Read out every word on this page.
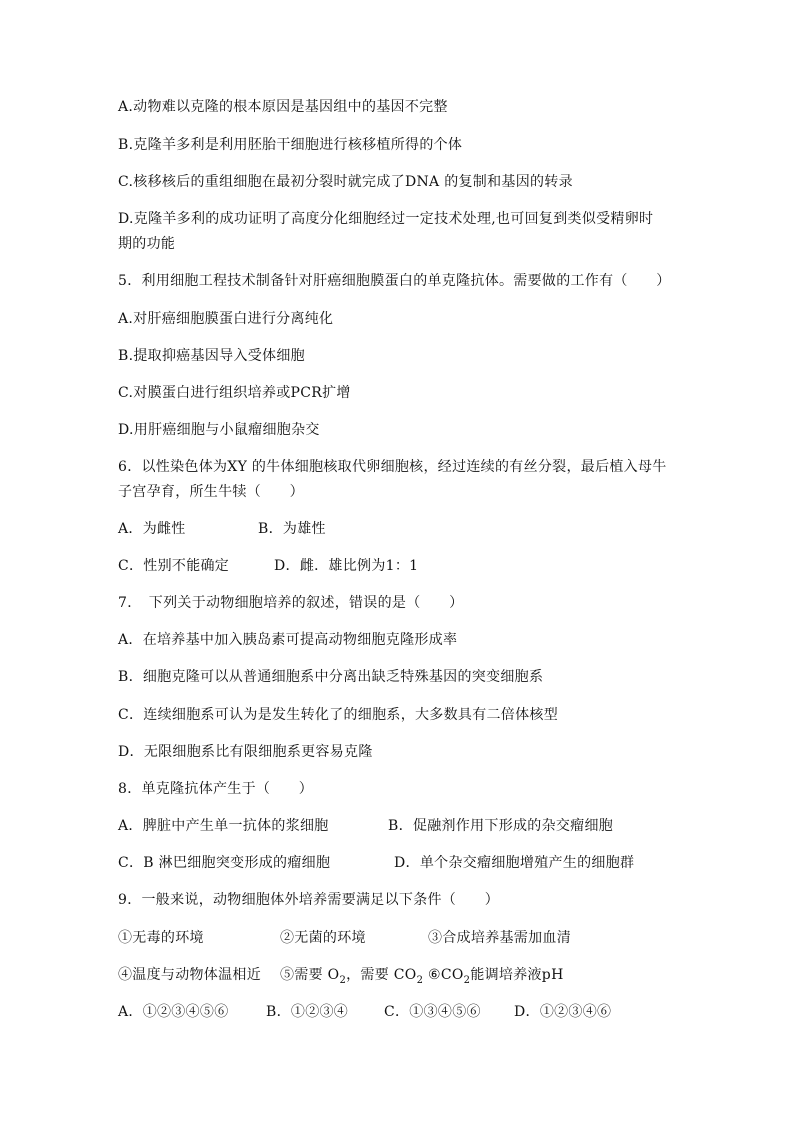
A.动物难以克隆的根本原因是基因组中的基因不完整
B.克隆羊多利是利用胚胎干细胞进行核移植所得的个体
C.核移核后的重组细胞在最初分裂时就完成了DNA 的复制和基因的转录
D.克隆羊多利的成功证明了高度分化细胞经过一定技术处理,也可回复到类似受精卵时
期的功能
5．利用细胞工程技术制备针对肝癌细胞膜蛋白的单克隆抗体。需要做的工作有（　　）
A.对肝癌细胞膜蛋白进行分离纯化
B.提取抑癌基因导入受体细胞
C.对膜蛋白进行组织培养或PCR扩增
D.用肝癌细胞与小鼠瘤细胞杂交
6．以性染色体为XY 的牛体细胞核取代卵细胞核，经过连续的有丝分裂，最后植入母牛
子宫孕育，所生牛犊（　　）
A．为雌性	B．为雄性
C．性别不能确定	D．雌．雄比例为1：1
7．　下列关于动物细胞培养的叙述，错误的是（　　）
A．在培养基中加入胰岛素可提高动物细胞克隆形成率
B．细胞克隆可以从普通细胞系中分离出缺乏特殊基因的突变细胞系
C．连续细胞系可认为是发生转化了的细胞系，大多数具有二倍体核型
D．无限细胞系比有限细胞系更容易克隆
8．单克隆抗体产生于（　　）
A．脾脏中产生单一抗体的浆细胞	B．促融剂作用下形成的杂交瘤细胞
C．B 淋巴细胞突变形成的瘤细胞	D．单个杂交瘤细胞增殖产生的细胞群
9．一般来说，动物细胞体外培养需要满足以下条件（　　）
①无毒的环境	②无菌的环境	③合成培养基需加血清
④温度与动物体温相近 ⑤需要 $O_2$，需要 $CO_2$ $⑥CO_2$能调培养液pH
A．①②③④⑤⑥	B．①②③④	C．①③④⑤⑥ D．①②③④⑥
